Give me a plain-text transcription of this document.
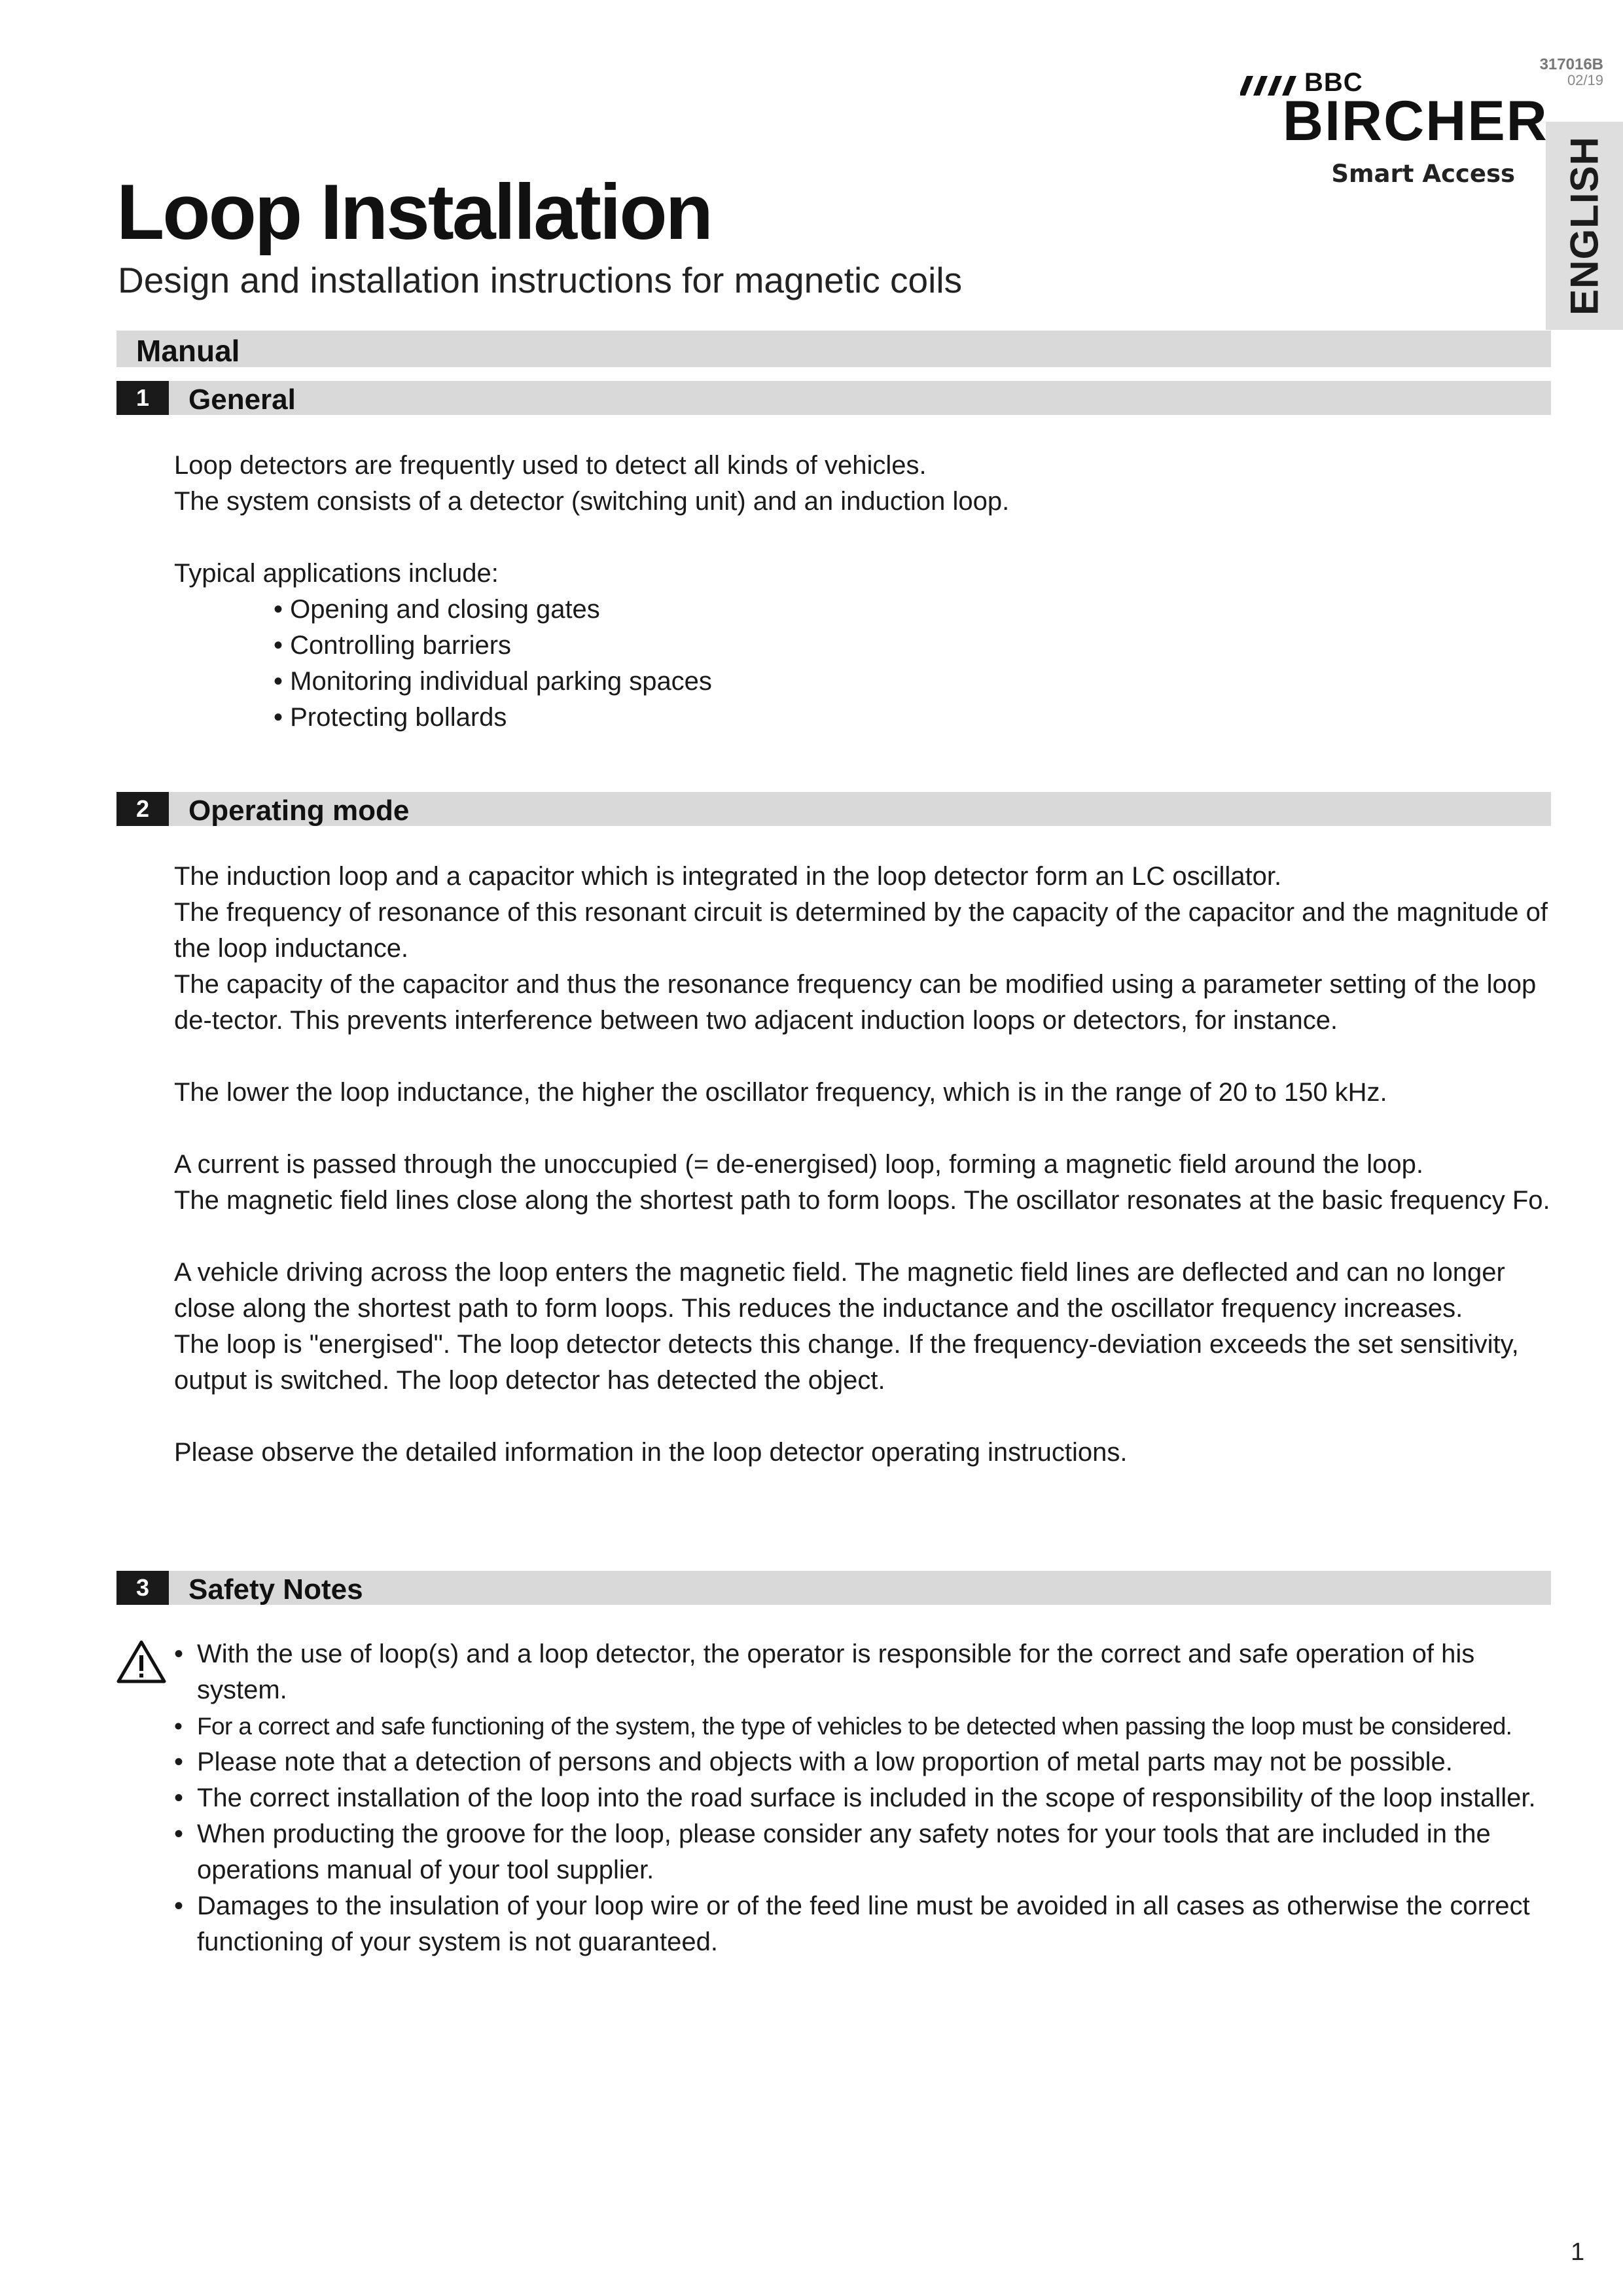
317016B
02/19
ENGLISH
BBC
BIRCHER
Smart Access
Loop Installation
Design and installation instructions for magnetic coils
Manual
1	General

Loop detectors are frequently used to detect all kinds of vehicles.

The system consists of a detector (switching unit) and an induction loop.

Typical applications include:

• Opening and closing gates
• Controlling barriers
• Monitoring individual parking spaces
• Protecting bollards
2	Operating mode

The induction loop and a capacitor which is integrated in the loop detector form an LC oscillator.

The frequency of resonance of this resonant circuit is determined by the capacity of the capacitor and the magnitude of the loop inductance.

The capacity of the capacitor and thus the resonance frequency can be modified using a parameter setting of the loop de-tector. This prevents interference between two adjacent induction loops or detectors, for instance.

The lower the loop inductance, the higher the oscillator frequency, which is in the range of 20 to 150 kHz.

A current is passed through the unoccupied (= de-energised) loop, forming a magnetic field around the loop.

The magnetic field lines close along the shortest path to form loops. The oscillator resonates at the basic frequency Fo.

A vehicle driving across the loop enters the magnetic field. The magnetic field lines are deflected and can no longer close along the shortest path to form loops. This reduces the inductance and the oscillator frequency increases.

The loop is "energised". The loop detector detects this change. If the frequency-deviation exceeds the set sensitivity, output is switched. The loop detector has detected the object.

Please observe the detailed information in the loop detector operating instructions.

3	Safety Notes
• With the use of loop(s) and a loop detector, the operator is responsible for the correct and safe operation of his system.
• For a correct and safe functioning of the system, the type of vehicles to be detected when passing the loop must be considered.
• Please note that a detection of persons and objects with a low proportion of metal parts may not be possible.
• The correct installation of the loop into the road surface is included in the scope of responsibility of the loop installer.
• When producting the groove for the loop, please consider any safety notes for your tools that are included in the operations manual of your tool supplier.
• Damages to the insulation of your loop wire or of the feed line must be avoided in all cases as otherwise the correct functioning of your system is not guaranteed.
1
